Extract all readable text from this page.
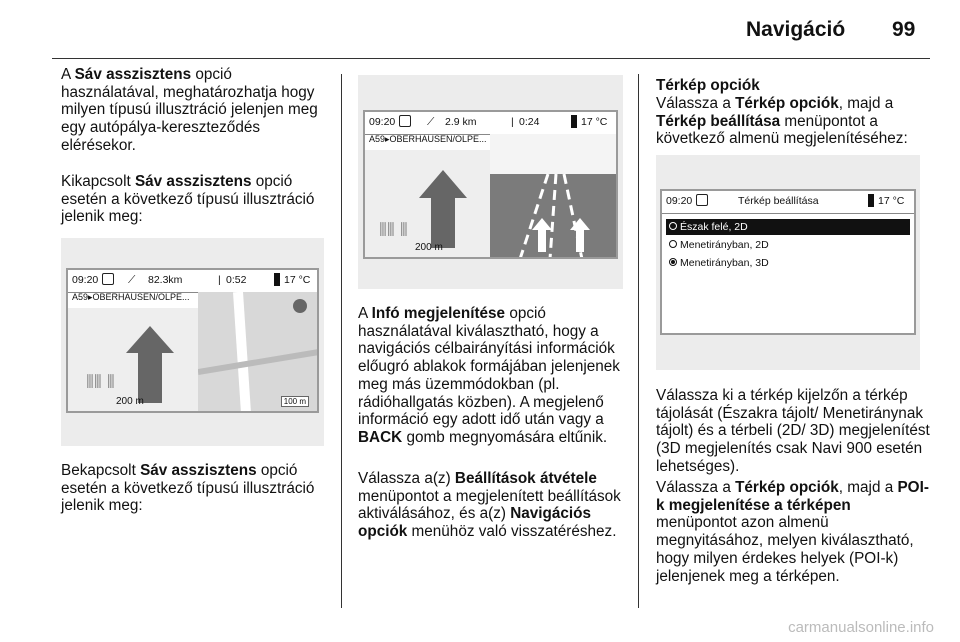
Navigáció 99

A Sáv asszisztens opció használatával, meghatározhatja hogy milyen típusú illusztráció jelenjen meg egy autópálya-kereszteződés elérésekor.

Kikapcsolt Sáv asszisztens opció esetén a következő típusú illusztráció jelenik meg:

09:20	⟋ 82.3km	| 0:52	17 °C
A59▸OBERHAUSEN/OLPE...
⦀⦀ ⦀
200 m	100 m

Bekapcsolt Sáv asszisztens opció esetén a következő típusú illusztráció jelenik meg:

09:20	⟋ 2.9 km	| 0:24	17 °C
A59▸OBERHAUSEN/OLPE...
⦀⦀ ⦀
200 m

A Infó megjelenítése opció használatával kiválasztható, hogy a navigációs célbairányítási információk előugró ablakok formájában jelenjenek meg más üzemmódokban (pl. rádióhallgatás közben). A megjelenő információ egy adott idő után vagy a BACK gomb megnyomására eltűnik.

Válassza a(z) Beállítások átvétele menüpontot a megjelenített beállítások aktiválásához, és a(z) Navigációs opciók menühöz való visszatéréshez.

Térkép opciók

Válassza a Térkép opciók, majd a Térkép beállítása menüpontot a következő almenü megjelenítéséhez:

09:20	Térkép beállítása	17 °C
Észak felé, 2D
Menetirányban, 2D
Menetirányban, 3D

Válassza ki a térkép kijelzőn a térkép tájolását (Északra tájolt/ Menetiránynak tájolt) és a térbeli (2D/ 3D) megjelenítést (3D megjelenítés csak Navi 900 esetén lehetséges).

Válassza a Térkép opciók, majd a POI-k megjelenítése a térképen menüpontot azon almenü megnyitásához, melyen kiválasztható, hogy milyen érdekes helyek (POI-k) jelenjenek meg a térképen.

carmanualsonline.info
